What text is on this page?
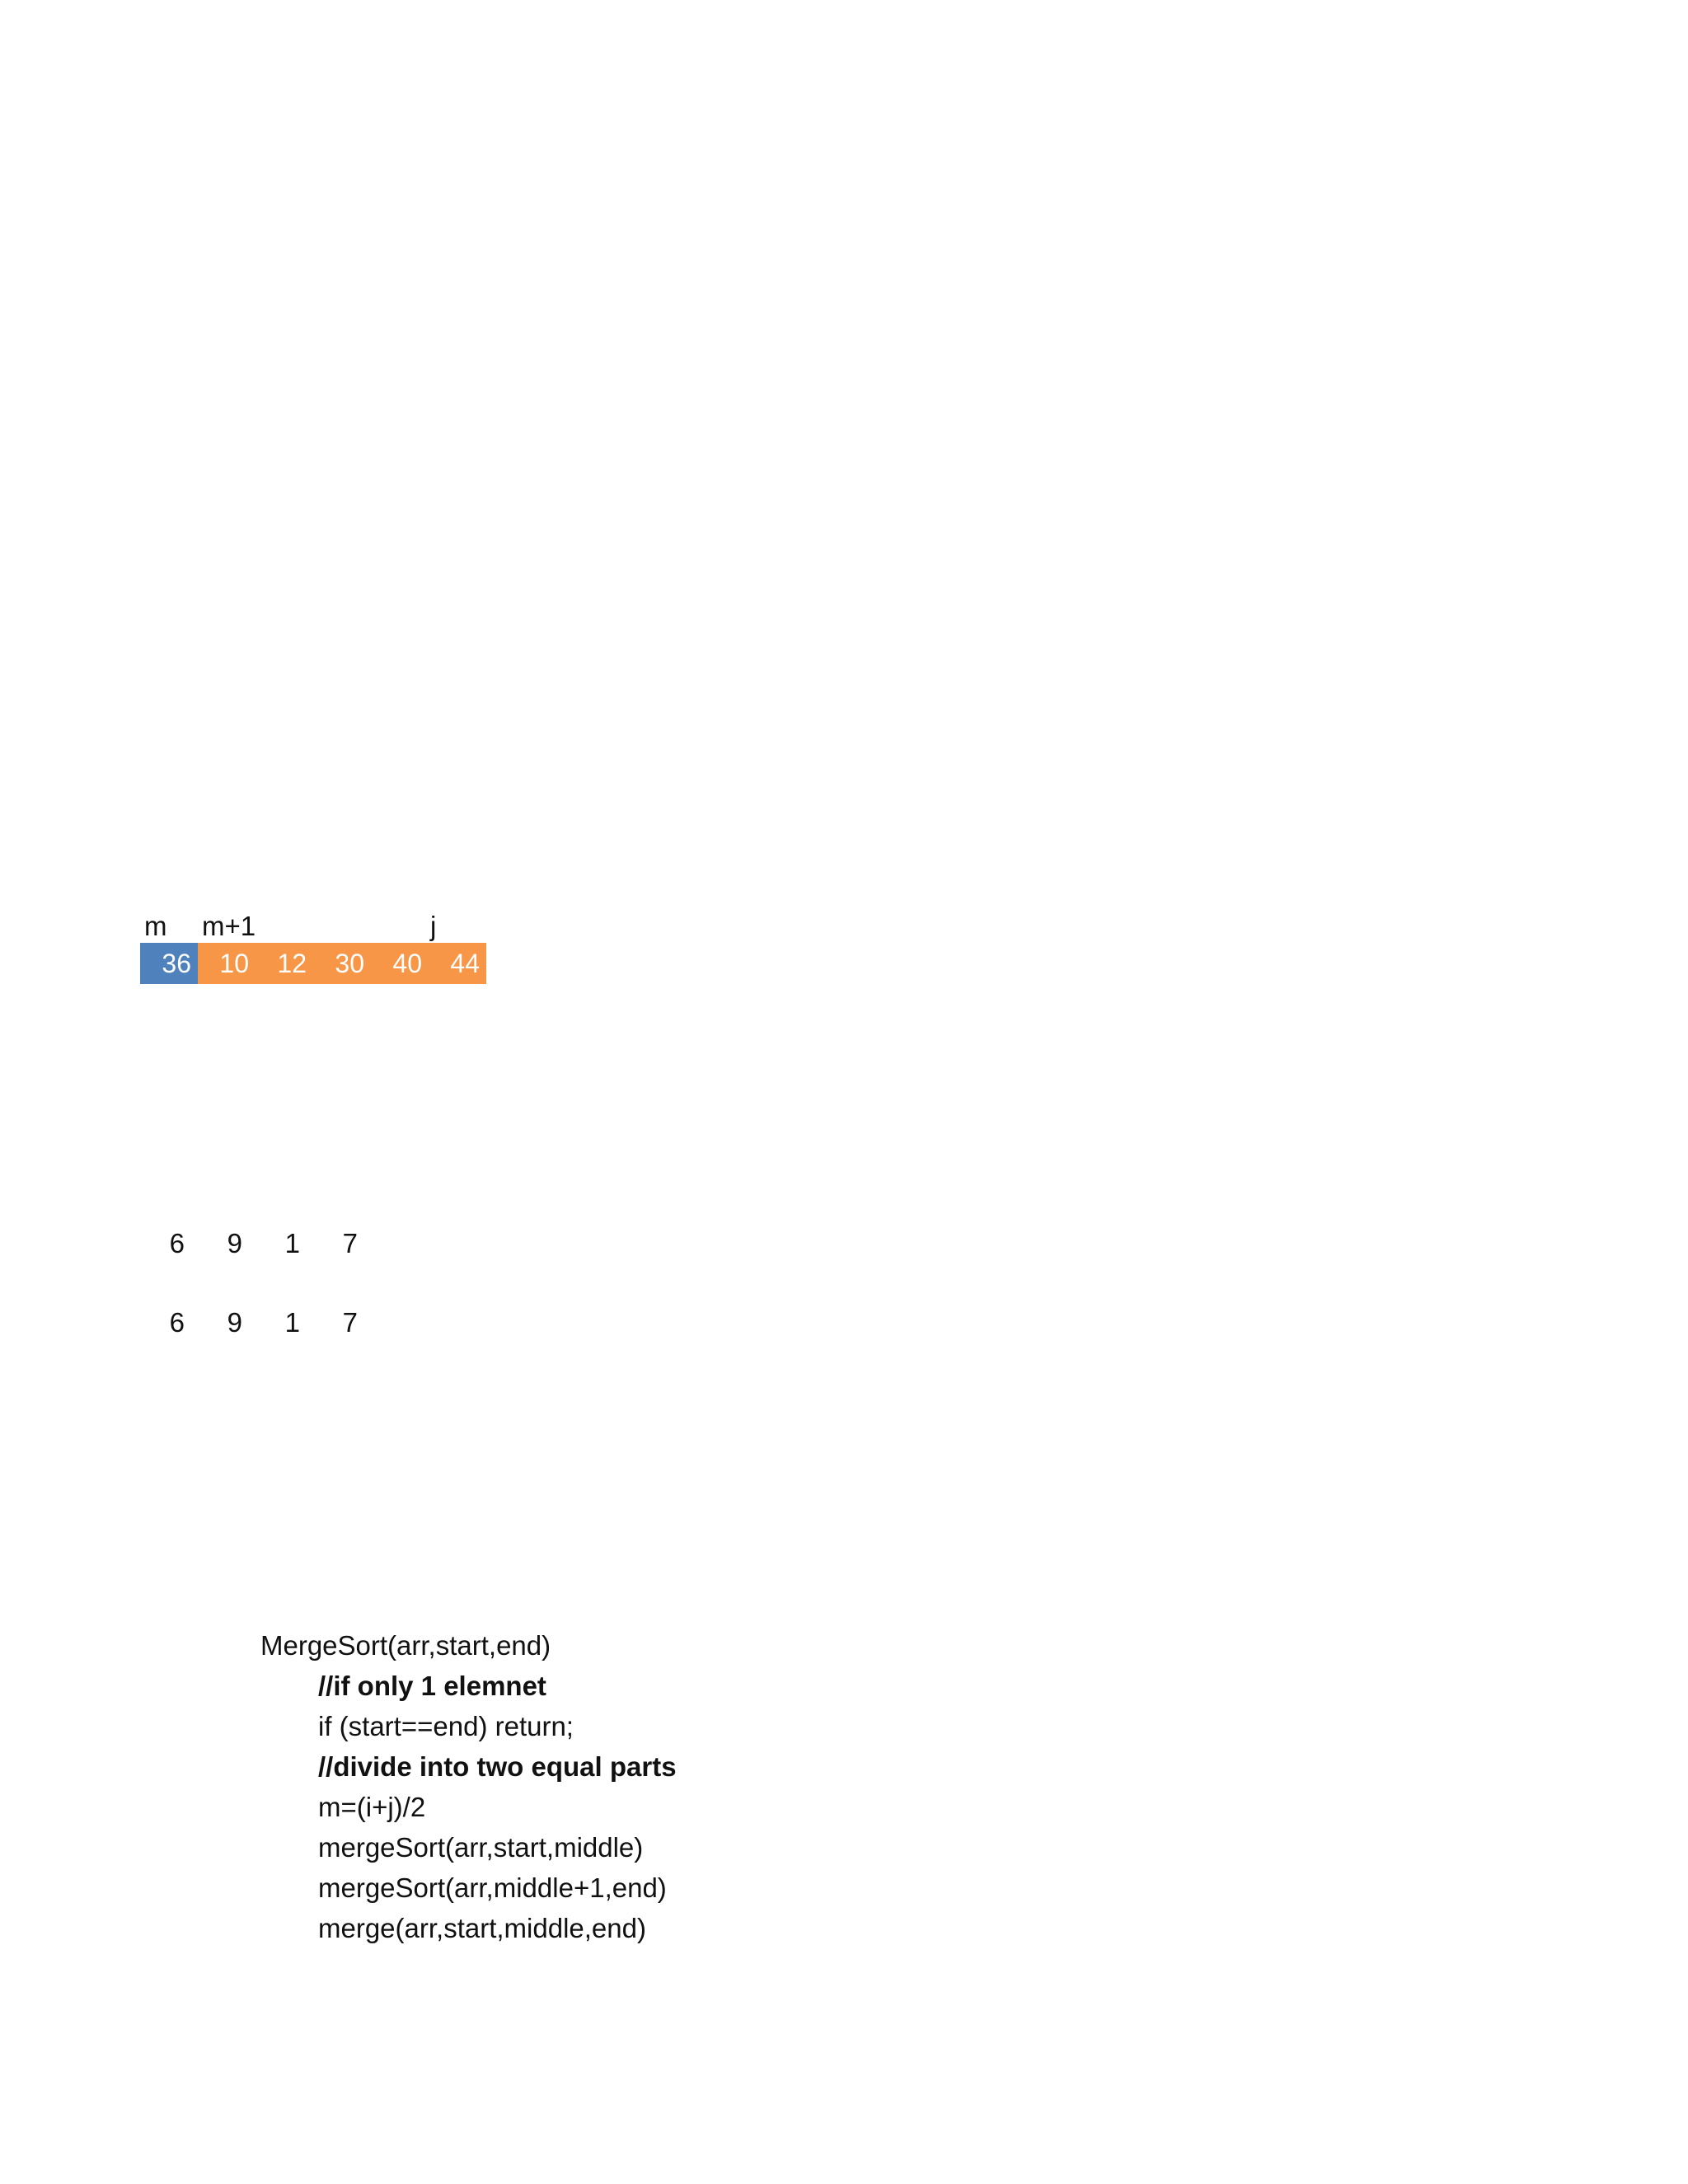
m m+1	j
36	10	12	30	40	44
6	9	1	7
6	9	1	7
MergeSort(arr,start,end)
//if only 1 elemnet
if (start==end) return;
//divide into two equal parts
m=(i+j)/2
mergeSort(arr,start,middle)
mergeSort(arr,middle+1,end)
merge(arr,start,middle,end)
